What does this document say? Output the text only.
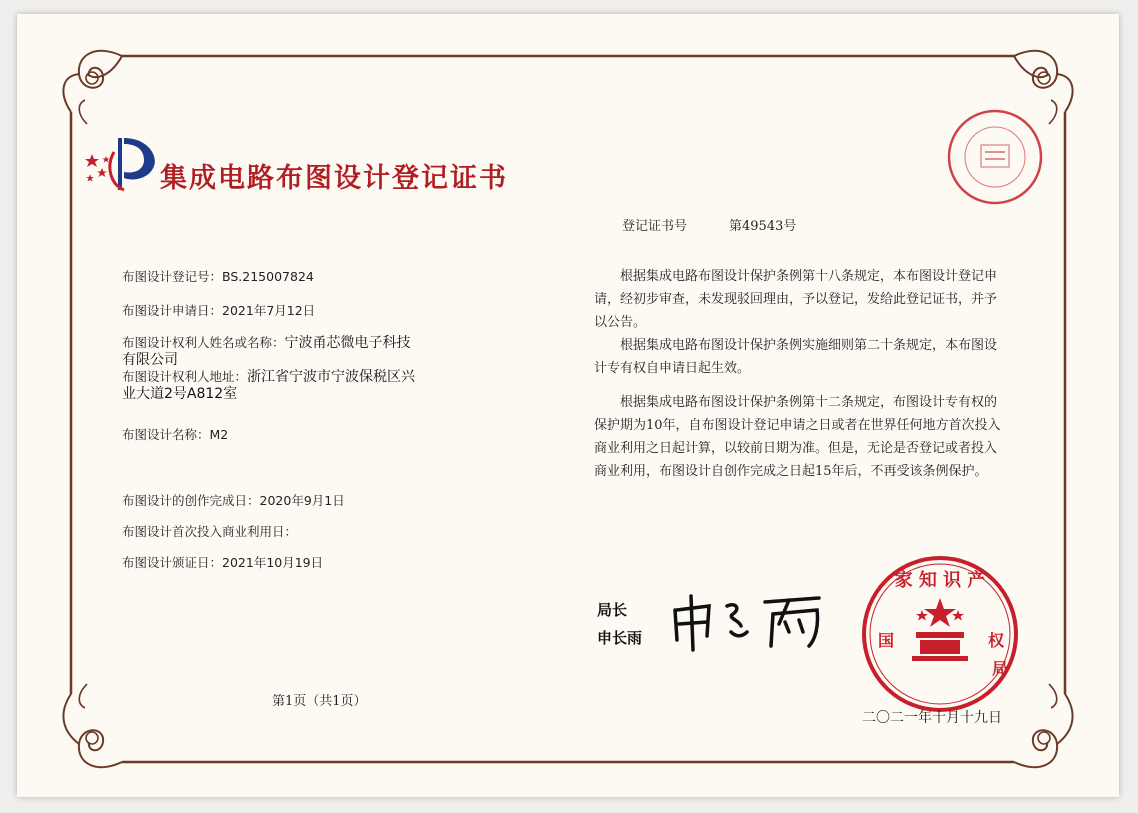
集成电路布图设计登记证书
登记证书号	第49543号
布图设计登记号：BS.215007824
布图设计申请日：2021年7月12日
布图设计权利人姓名或名称：宁波甬芯微电子科技
有限公司
布图设计权利人地址：浙江省宁波市宁波保税区兴
业大道2号A812室
布图设计名称：M2
布图设计的创作完成日：2020年9月1日
布图设计首次投入商业利用日：
布图设计颁证日：2021年10月19日
根据集成电路布图设计保护条例第十八条规定，本布图设计登记申请，经初步审查，未发现驳回理由，予以登记，发给此登记证书，并予以公告。
根据集成电路布图设计保护条例实施细则第二十条规定，本布图设计专有权自申请日起生效。
根据集成电路布图设计保护条例第十二条规定，布图设计专有权的保护期为10年，自布图设计登记申请之日或者在世界任何地方首次投入商业利用之日起计算，以较前日期为准。但是，无论是否登记或者投入商业利用，布图设计自创作完成之日起15年后，不再受该条例保护。
第1页（共1页）
局长
申长雨
家 知 识 产
国	权
局
二〇二一年十月十九日
